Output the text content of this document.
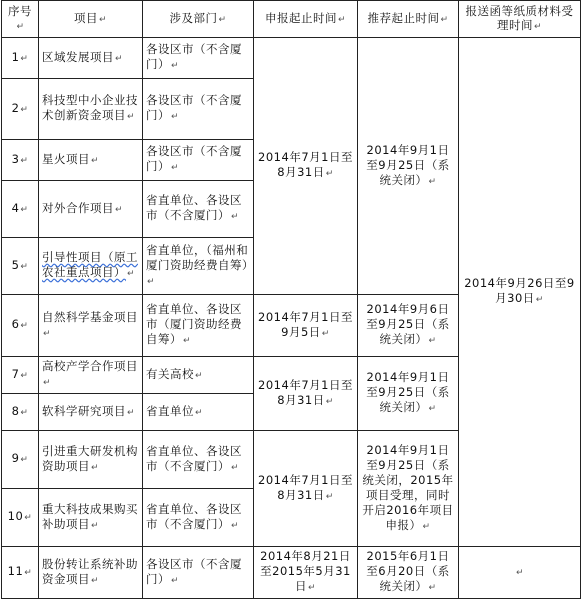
序号↵	项目↵	涉及部门↵	申报起止时间↵	推荐起止时间↵	报送函等纸质材料受理时间↵
1↵	区域发展项目↵	各设区市（不含厦门）↵	2014年7月1日至8月31日↵	2014年9月1日至9月25日（系统关闭）↵	2014年9月26日至9月30日↵
2↵	科技型中小企业技术创新资金项目↵	各设区市（不含厦门）↵			
3↵	星火项目↵	各设区市（不含厦门）↵			
4↵	对外合作项目↵	省直单位、各设区市（不含厦门）↵			
5↵	引导性项目（原工农社重点项目）↵	省直单位，（福州和厦门资助经费自筹）↵			
6↵	自然科学基金项目↵	省直单位、各设区市（厦门资助经费自筹）↵	2014年7月1日至9月5日↵	2014年9月6日至9月25日（系统关闭）↵	
7↵	高校产学合作项目↵	有关高校↵	2014年7月1日至8月31日↵	2014年9月1日至9月25日（系统关闭）↵	
8↵	软科学研究项目↵	省直单位↵			
9↵	引进重大研发机构资助项目↵	省直单位、各设区市（不含厦门）↵	2014年7月1日至8月31日↵	2014年9月1日至9月25日（系统关闭，2015年项目受理，同时开启2016年项目申报）↵	
10↵	重大科技成果购买补助项目↵	省直单位、各设区市（不含厦门）↵			
11↵	股份转让系统补助资金项目↵	各设区市（不含厦门）↵	2014年8月21日至2015年5月31日↵	2015年6月1日至6月20日（系统关闭）↵	↵
